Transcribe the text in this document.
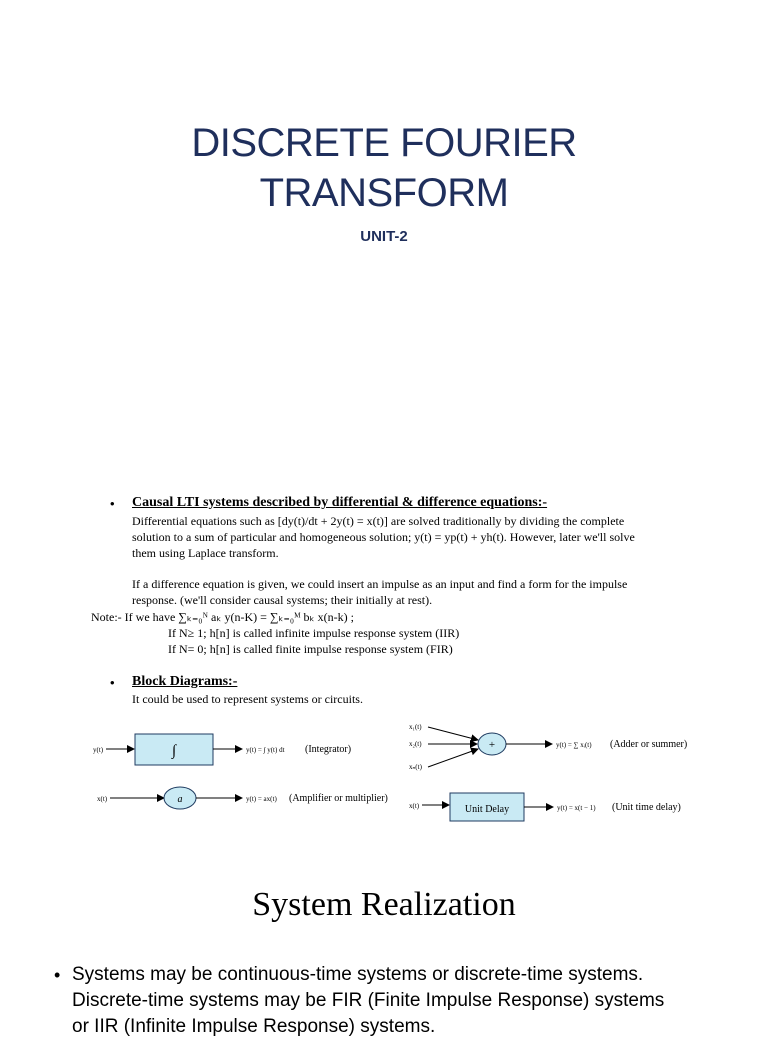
DISCRETE FOURIER
TRANSFORM
UNIT-2
• Causal LTI systems described by differential & difference equations:-
Differential equations such as [dy(t)/dt + 2y(t) = x(t)] are solved traditionally by dividing the complete
solution to a sum of particular and homogeneous solution; y(t) = yp(t) + yh(t). However, later we'll solve
them using Laplace transform.
If a difference equation is given, we could insert an impulse as an input and find a form for the impulse
response. (we'll consider causal systems; their initially at rest).
Note:- If we have ∑ₖ₌₀ᴺ aₖ y(n-K) = ∑ₖ₌₀ᴹ bₖ x(n-k) ;
If N≥ 1; h[n] is called infinite impulse response system (IIR)
If N= 0; h[n] is called finite impulse response system (FIR)
• Block Diagrams:-
It could be used to represent systems or circuits.
y(t)	∫	y(t) = ∫ y(t) dt (Integrator)
x(t)	a	y(t) = ax(t) (Amplifier or multiplier)
x₁(t)
x₂(t)
xₙ(t)
+	y(t) = ∑ xᵢ(t) (Adder or summer)
x(t)	Unit Delay	y(t) = x(t − 1) (Unit time delay)
System Realization
• Systems may be continuous-time systems or discrete-time systems.
Discrete-time systems may be FIR (Finite Impulse Response) systems
or IIR (Infinite Impulse Response) systems.
